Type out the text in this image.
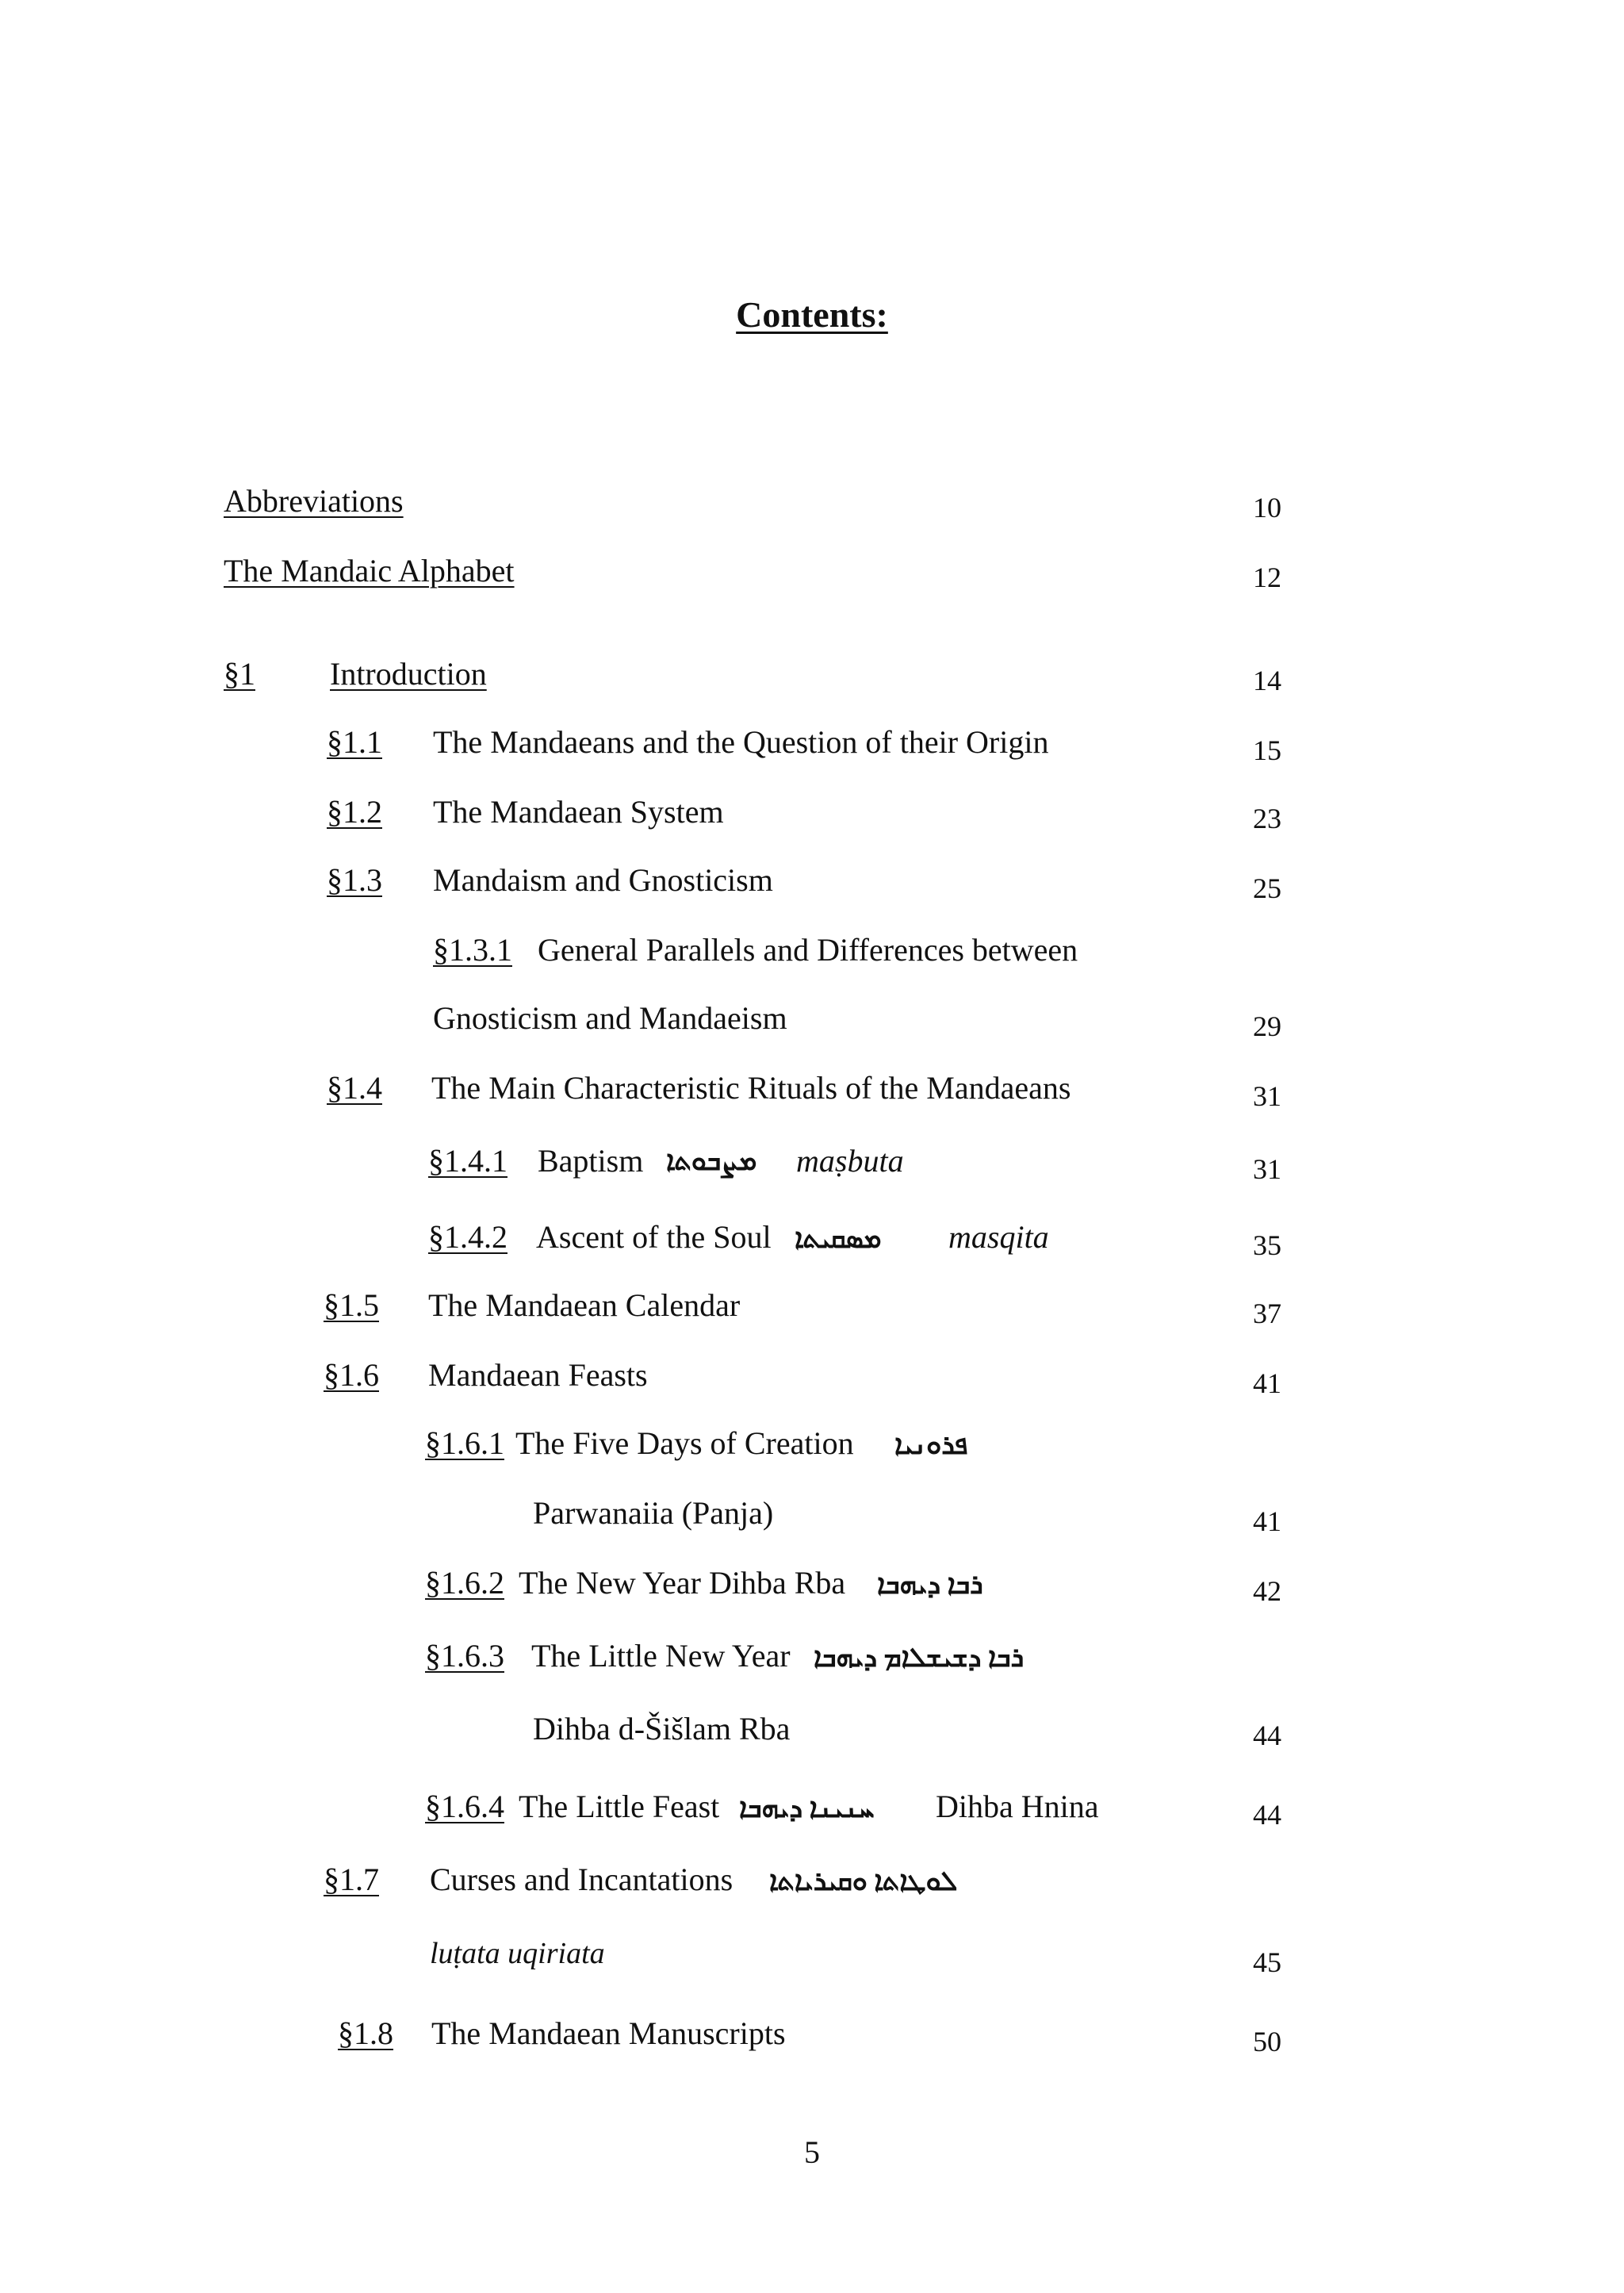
Contents:
Abbreviations	10
The Mandaic Alphabet	12
§1 Introduction	14
§1.1 The Mandaeans and the Question of their Origin	15
§1.2 The Mandaean System	23
§1.3 Mandaism and Gnosticism	25
§1.3.1 General Parallels and Differences between
Gnosticism and Mandaeism	29
§1.4 The Main Characteristic Rituals of the Mandaeans	31
§1.4.1 Baptism ܡܨܒܘܬܐ maṣbuta	31
§1.4.2 Ascent of the Soul ܡܣܩܝܬܐ masqita	35
§1.5 The Mandaean Calendar	37
§1.6 Mandaean Feasts	41
§1.6.1 The Five Days of Creation ܦܪܘܢܝܐ
Parwanaiia (Panja)	41
§1.6.2 The New Year Dihba Rba ܪܒܐ ܕܝܗܒܐ	42
§1.6.3 The Little New Year ܪܒܐ ܕܫܝܫܠܐܡ ܕܝܗܒܐ
Dihba d-Šišlam Rba	44
§1.6.4 The Little Feast ܚܢܝܢܐ ܕܝܗܒܐ Dihba Hnina	44
§1.7 Curses and Incantations ܠܘܛܐܬܐ ܘܩܝܪܝܐܬܐ
luṭata uqiriata	45
§1.8 The Mandaean Manuscripts	50
5
